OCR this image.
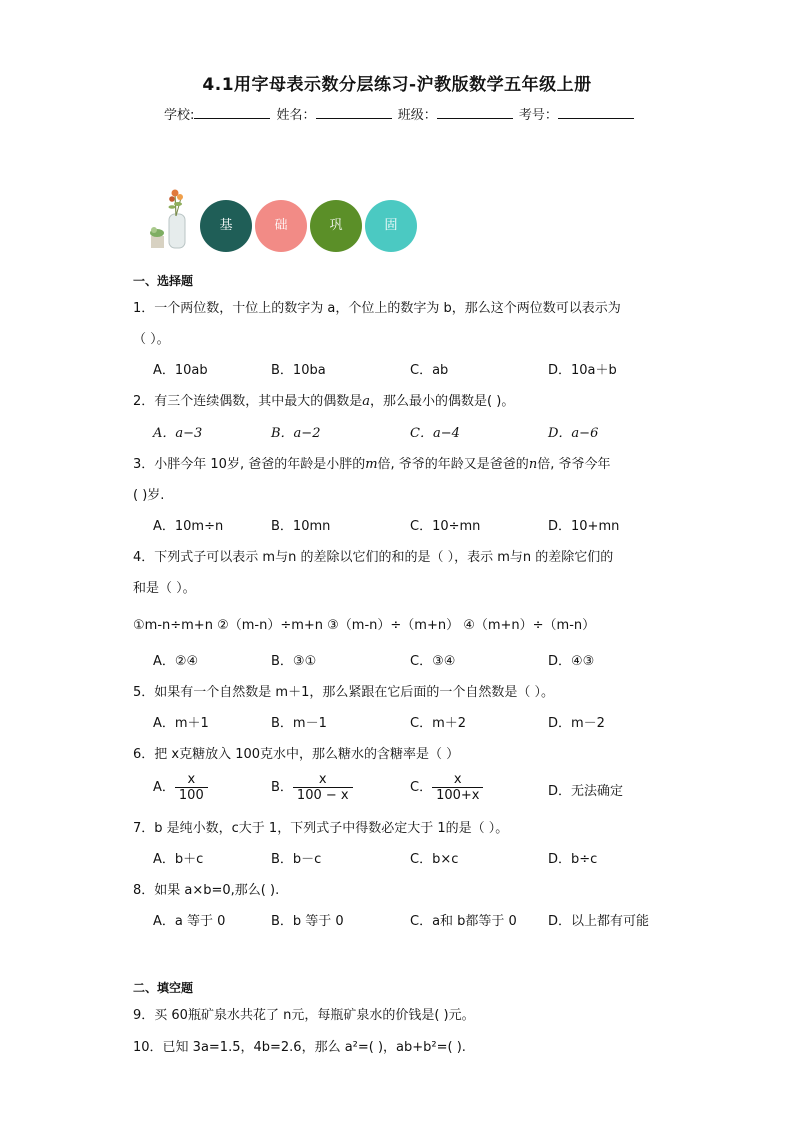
4.1用字母表示数分层练习-沪教版数学五年级上册
学校:	姓名：	班级：	考号：
基	础	巩	固
一、选择题
1．一个两位数，十位上的数字为 a，个位上的数字为 b，那么这个两位数可以表示为
（ ）。
A．10ab	B．10ba	C．ab	D．10a＋b
2．有三个连续偶数，其中最大的偶数是a，那么最小的偶数是( )。
A．a−3	B．a−2	C．a−4	D．a−6
3．小胖今年 10岁, 爸爸的年龄是小胖的m倍, 爷爷的年龄又是爸爸的n倍, 爷爷今年
( )岁.
A．10m÷n	B．10mn	C．10÷mn	D．10+mn
4．下列式子可以表示 m与n 的差除以它们的和的是（ ），表示 m与n 的差除它们的
和是（ ）。
①m-n÷m+n ②（m-n）÷m+n ③（m-n）÷（m+n） ④（m+n）÷（m-n）
A．②④	B．③①	C．③④	D．④③
5．如果有一个自然数是 m＋1，那么紧跟在它后面的一个自然数是（ ）。
A．m＋1	B．m－1	C．m＋2	D．m－2
6．把 x克糖放入 100克水中，那么糖水的含糖率是（ ）
A． $\frac{x}{100}$	B． $\frac{x}{100 - x}$	C． $\frac{x}{100+x}$	D．无法确定
7．b 是纯小数，c大于 1，下列式子中得数必定大于 1的是（ ）。
A．b＋c	B．b－c	C．b×c	D．b÷c
8．如果 a×b=0,那么( ).
A．a 等于 0	B．b 等于 0	C．a和 b都等于 0 D．以上都有可能
二、填空题
9．买 60瓶矿泉水共花了 n元，每瓶矿泉水的价钱是( )元。
10．已知 3a=1.5，4b=2.6，那么 a²=( )，ab+b²=( ).
